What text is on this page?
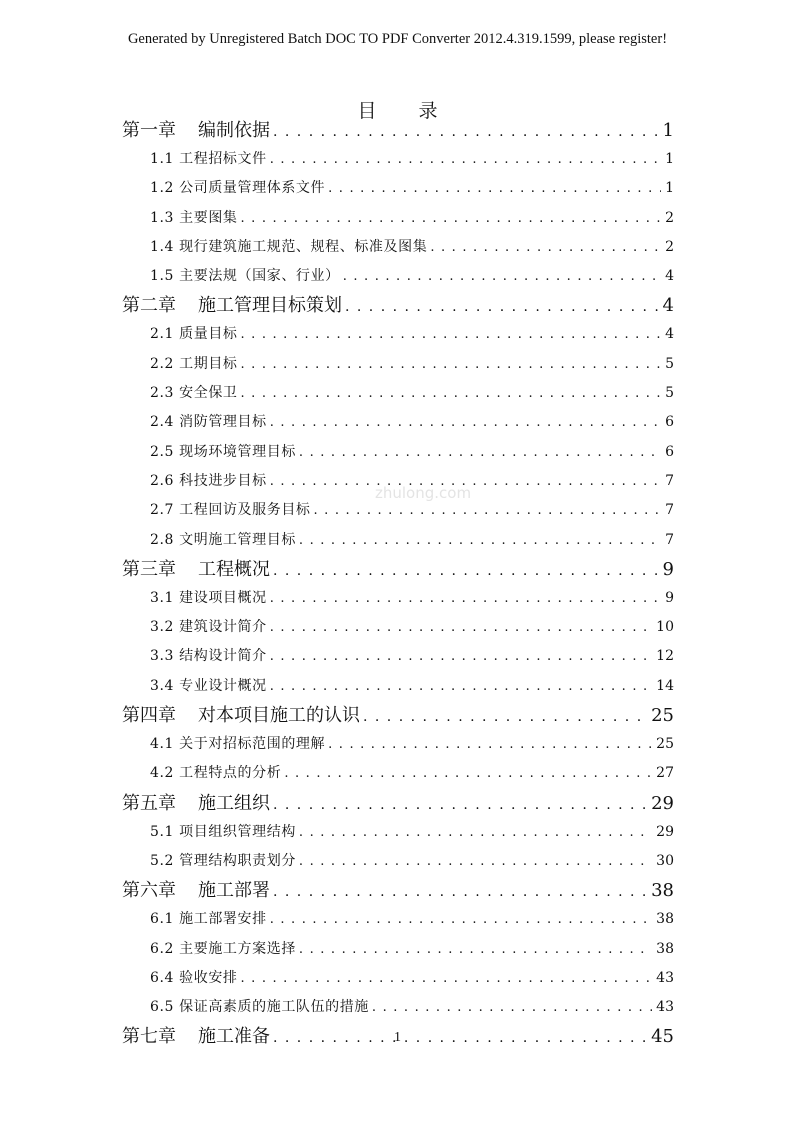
Generated by Unregistered Batch DOC TO PDF Converter 2012.4.319.1599, please register!
目 录
第一章 编制依据 . . .	1
1.1 工程招标文件 . . .	1
1.2 公司质量管理体系文件 . . .	1
1.3 主要图集 . . .	2
1.4 现行建筑施工规范、规程、标准及图集 . . .	2
1.5 主要法规（国家、行业） . . .	4
第二章 施工管理目标策划 . . .	4
2.1 质量目标 . . .	4
2.2 工期目标 . . .	5
2.3 安全保卫 . . .	5
2.4 消防管理目标 . . .	6
2.5 现场环境管理目标 . . .	6
2.6 科技进步目标 . . .	7
2.7 工程回访及服务目标 . . .	7
2.8 文明施工管理目标 . . .	7
第三章 工程概况 . . .	9
3.1 建设项目概况 . . .	9
3.2 建筑设计简介 . . .	10
3.3 结构设计简介 . . .	12
3.4 专业设计概况 . . .	14
第四章 对本项目施工的认识 . . .	25
4.1 关于对招标范围的理解 . . .	25
4.2 工程特点的分析 . . .	27
第五章 施工组织 . . .	29
5.1 项目组织管理结构 . . .	29
5.2 管理结构职责划分 . . .	30
第六章 施工部署 . . .	38
6.1 施工部署安排 . . .	38
6.2 主要施工方案选择 . . .	38
6.4 验收安排 . . .	43
6.5 保证高素质的施工队伍的措施 . . .	43
第七章 施工准备 . . .	45
zhulong.com
1
